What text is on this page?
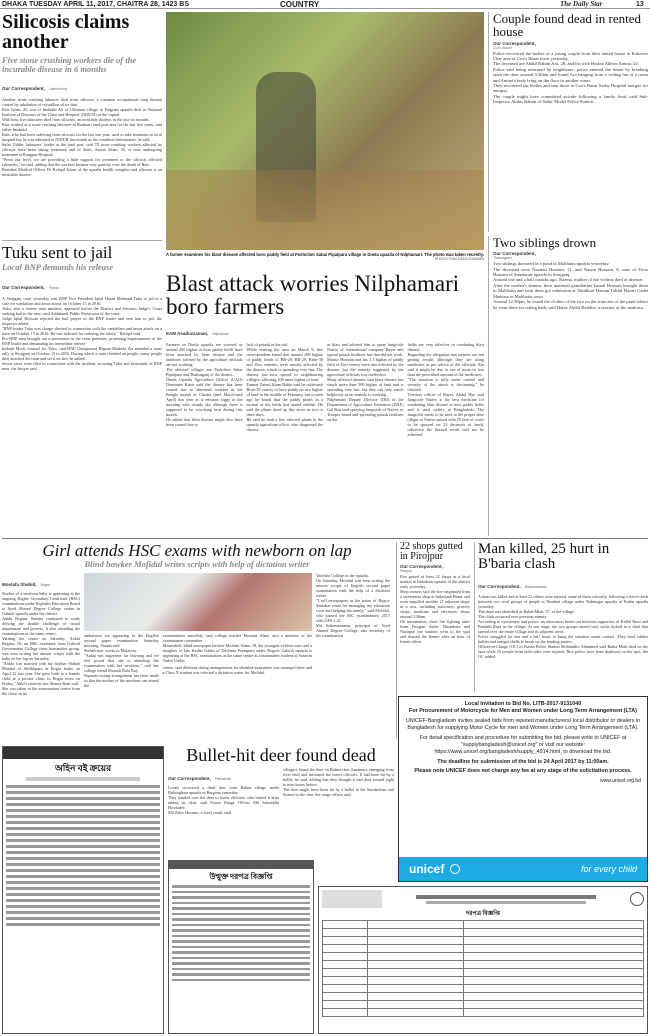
DHAKA TUESDAY APRIL 11, 2017, CHAITRA 28, 1423 BS	COUNTRY	The Daily Star	13
Silicosis claims another
Five stone crushing workers die of the incurable disease in 6 months
Our Correspondent, Lalmonirhat
Another stone crushing labourer died from silicosis, a common occupational lung disease caused by inhalation of crystalline silica dust.
Rais Islam, 25, son of Imdadul Ali of Ultimura village in Patgram upazila died at National Institute of Diseases of the Chest and Hospital (NIDCH) in the capital.
With him, five labourers died from silicosis, an incurable disease, in the last six months.
Rais worked as a stone crushing labourer in Burimari land port area for the last five years, said father Imdadul.
Rais, who had been suffering from silicosis for the last one year, used to take treatment at local hospital but he was admitted to NIDCH last month as his condition deteriorated, he said.
Safar Uddin, labourers' leader at the land port, said 70 stone crushing workers affected by silicosis have been taking treatment and of them, Anwar Islam, 35, is now undergoing treatment at Rangpur Hospital.
"From our level, we are providing a little support for treatment to the silicosis affected labourers," he said, adding that the workers became very panicky over the death of Rais.
Resident Medical Officer Dr Rafiqul Islam of the upazila health complex said silicosis is an incurable disease.
A farmer examines his blast disease affected boro paddy field at Pashchim Sabai Pipalpara village in Dimla upazila of Nilphamari. The photo was taken recently.
PHOTO: EAM ASADUZZAMAN
Couple found dead in rented house
Our Correspondent,
Cox's Bazar
Police recovered the bodies of a young couple from their rented house in Kalurver Char area of Cox's Bazar town yesterday.
The deceased are Abdul Rahim Ara, 28, and his wife Hasina Akhter Amina, 22.
Police said being informed by neighbours, police entered the house by breaking open the door around 9:30am and found Ara hanging from a ceiling fan of a room and Amina's body lying on the floor in another room.
They recovered the bodies and sent those to Cox's Bazar Sadar Hospital morgue for autopsy.
The couple might have committed suicide following a family feud, said Sub-Inspector Abdus Rahim of Sadar Model Police Station.
Tuku sent to jail
Local BNP demands his release
Our Correspondent, Pabna
A Sirajganj court yesterday sent BNP Vice President Iqbal Hasan Mahmud Tuku to jail in a case for vandalism and arson attack on October 15 in 2016.
Tuku, also a former state minister, appeared before the District and Sessions Judge's Court seeking bail in the case, said Additional Public Prosecutor of the court.
Judge Iqbal Hossain rejected the bail prayer of the BNP leader and sent him to jail, the inspector added.
"BNP leader Tuku was charge sheeted in connection with the vandalism and arson attack on a train on October 15 in 2016. He was indicted for ordering the attack," Rafiqul said.
Pro-BNP men brought out a procession in the court premises, protesting imprisonment of the BNP leader and demanding his immediate release.
Indrajit Modi, counsel for Tuku, said BNP Chairperson Begum Khaleda Zia attended a mass rally at Sirajganj on October 15 in 2016. During which a train climbed on people, many people then attacked the train and set it on fire, he added.
Seven cases were filed in connection with the incident, accusing Tuku and thousands of BNP men, the lawyer said.
Blast attack worries Nilphamari boro farmers
EAM Asaduzzaman, Nilphamari
Farmers in Dimla upazila are worried as around 200 bighas of boro paddy fields have been attacked by blast disease and the antidotes advised by the agriculture officials are not working.
The affected villages are Pashchim Sabai Pipalpara and Thakurganj of the district.
Dimla Upazila Agriculture Officer (UAO) Dominate Kabir said the disease has been caused due to abnormal weather in the Bangla month of Chaitra (mid March-mid April) this year as it remains foggy in the morning with cloudy sky although there is supposed to be scorching heat during this month.
He added that blast disease might also have been caused due to
lack of potash in the soil.
While visiting the area on March 9, this correspondent found that around 200 bighas of paddy fields of BR-28, BR-29, Binir-38 and Ziro varieties were mostly affected by the disease, which is spreading very fast. The disease has now spread to neighbouring villages, affecting 100 more bighas of land.
Farmer Zainul Islam Bablu said he cultivated Binir-28 variety of boro paddy on two bighas of land in the middle of February, but a week ago he found that the paddy plants in a section of the fields had turned reddish. He said the plants dried up like straw in two or three days.
He said he took a few affected plants to the upazila agriculture office, who diagnosed the disease
as blast and advised him to spray fungicide Nativo of international company Bayer and spread potash fertiliser, but that did not work.
Mastur Hossain and his 1.3 bighas of paddy field of Ziro variety were also affected by the disease, but the remedy suggested by the agriculture officials was ineffective.
Many affected farmers said blast disease has struck more than 300 bighas of land and is spreading very fast, but they can only watch helplessly as no remedy is working.
Nilphamari Deputy Director (DD) of the Department of Agriculture Extension (DAE) Gal Rau said spraying fungicide of Nativo or Trooper brand and spreading potash fertiliser on the
fields are very effective in combating blast disease.
Regarding the allegation that farmers are not getting results although they are using medicines as per advice of the officials, Ahi said it might be due to use of more or less than the prescribed amount of the medicines.
"The situation is fully under control and severity of the attack is decreasing," he claimed.
Territory officer of Bayer, Abdul Hye said fungicide Nativo is the best medicine for combating blast disease in boro paddy fields and is used widely in Bangladesh. The fungicide needs to be used in the proper dose (40gm of Nativo mixed with 70 litre of water to be sprayed on 33 decimals of land), otherwise the desired result will not be achieved.
Two siblings drown
Our Correspondent,
Thakurgaon
Two siblings drowned in a pond in Malihatia upazila yesterday.
The deceased were Nazmul Hossain, 11, and Nasrin Hossain, 8, sons of Firoz Hussain of Samdarati upazila in Sirajganj.
Around one and a half months ago, Nazma, mother of the victims died of disease.
After the mother's demise, their maternal grandfather Ismail Hossain brought them to Malihatia and took them got admission at Tahidhari Hassan Tohlid Hazari Cadet Madrasa in Malihatia town.
Around 12:30pm, he found the clothes of the two on the staircase of the pond where he went there for taking bath, said Hafez Abdul Baddiss, a teacher of the madrasa.
Girl attends HSC exams with newborn on lap
Blind hawker Mofidul writes scripts with help of dictation writer
Mostafa Shahid, Bogra
Studies of a newborn baby is appearing at the ongoing Higher Secondary Certificate (HSC) examinations under Rajshahi Education Board at Syed Ahmed Degree College centre in Gabtoli upazila under the district.
Ankhi Begum, Sonday continued to study defying the double challenge of visual impairment and poverty. It also attending the examinations at the same centre.
Visiting the centre on Saturday, Ankhi Begum, 18, an HSC examinee from Gabtoli Government College from humanities group, was seen writing her answer scripts with the baby on her lap on Saturday.
"Ankhi was married with my brother Shihab Mondal of Shelkhpara in Bogra Sadar on April 22 last year. She gave birth to a female child at a private clinic in Bogra town on Friday," Akhi's sister-in-law Shanta Rani said.
She was taken to the examination centre from the clinic in an
ambulance for appearing in the English second paper examination Saturday morning, Shanta said.
Shihab now works in Malaysia.
"Ankhi has eagerness for learning and we feel proud that she is attending the examination with her newborn," said her college friend Shonali Rahi Roy.
Separate sitting arrangement has been made so that the mother of the newborn can attend the
examinations smoothly, said college teacher Momtaz Alam, also a member of the examination committee.
Meanwhile, blind newspaper hawker Mofidul Islam, 18, the youngest of three sons and a daughter of late Keden Uddin of Telchana Paranpara under Bogra's Gabtoli upazila is appearing at the HSC examinations at the same centre at a humanities student of Somirin Tasbir Uddin
centre, said different sitting arrangements for disabled examinees was arranged there and a Class X student was selected a dictation writer for Mofidul.
Tarafdar College in the upazila.
On Saturday, Mofidul was seen writing the answer scripts of English second paper examination with the help of a dictation writer.
"I sell newspapers in the trains of Bogra-Santahar route for managing my education costs and helping the family," said Mofidul, who passed the SSC examinations 2015 with GPA 3.22.
Md Sadaruzzaman, principal of Syed Ahmed Degree College, also secretary of the examination
22 shops gutted in Pirojpur
Our Correspondent,
Pirojpur
Fire gutted at least 22 shops at a local market in Indurkani upazila of the district early yesterday.
Shop owners said the fire originated from a sweetmeat shop at Indurkani Bazar and soon engulfed another 21 adjacent shops in a row, including stationery, grocery shops, medicine and electronic shops around 3:30am.
On information, three fire fighting units from Pirojpur Sadar, Bhanderia and Nazirpur fire stations went to the spot and doused the flames after an hour of frantic effort.
Man killed, 25 hurt in B'baria clash
Our Correspondent, Brahmanbaria
A man was killed and at least 25 others were injured, some of them critically, following a fierce clash between two rival groups of people at Nimbari village under Nabinagar upazila of Kasba upazila yesterday.
The dead was identified as Rabia Miah, 57, of the village.
The clash occurred over previous enmity.
According to eyewitness and police, an altercation broke out between supporters of Kalbil Raza and Pandath Raza in the village. At one stage, the two groups armed with sticks locked in a clash that spread over the entire village and its adjacent areas.
Police struggled for one and a half hours to bring the situation under control. They fired rubber bullets and teargas shells to break up the feuding parties.
Officer-in-Charge (OC) of Kasba Police Station Mohiuddin Ahammed said Rabia Miah died on the spot while 25 people from both sides were injured. Riot police have been deployed on the spot, the OC added.
অহিন বই ক্রয়ের
Bullet-hit deer found dead
Our Correspondent, Patuakhali
Locals recovered a dead deer from Rabna village under Pathorghata upazila of Bargona yesterday.
They handed over the deer to forest officials, who buried it after taking its skin, said Forest Range Officer Md Salauddin Howlader.
Md Zakir Hossain, a local youth, said
villagers found the deer on Rabna char (landmass emerging from river bed) and informed the forest officials. It had been hit by a bullet, he said, adding that they thought it had died around eight to nine hours before.
The deer might have been hit by a bullet in the Sundarbans and floated to the char, the range officer said.
Local Invitation to Bid No. LITB-2017-9131040
For Procurement of Motorcycle for Men and Women under Long Term Arrangement (LTA)
UNICEF-Bangladesh invites sealed bids from reputed manufacturers/ local distributor or dealers in Bangladesh for supplying Motor Cycle for men and Women under Long Term Arrangement (LTA).
For detail specification and procedure for submitting the bid, please write to UNICEF at "supplybangladesh@unicef.org" or visit our website: https://www.unicef.org/bangladesh/supply_4914.html, to download the bid.
The deadline for submission of the bid is 24 April 2017 by 11:00am.
Please note UNICEF does not charge any fee at any stage of the solicitation process.
www.unicef.org.bd
unicef	for every child
উন্মুক্ত দরপত্র বিজ্ঞপ্তি
দরপত্র বিজ্ঞপ্তি
